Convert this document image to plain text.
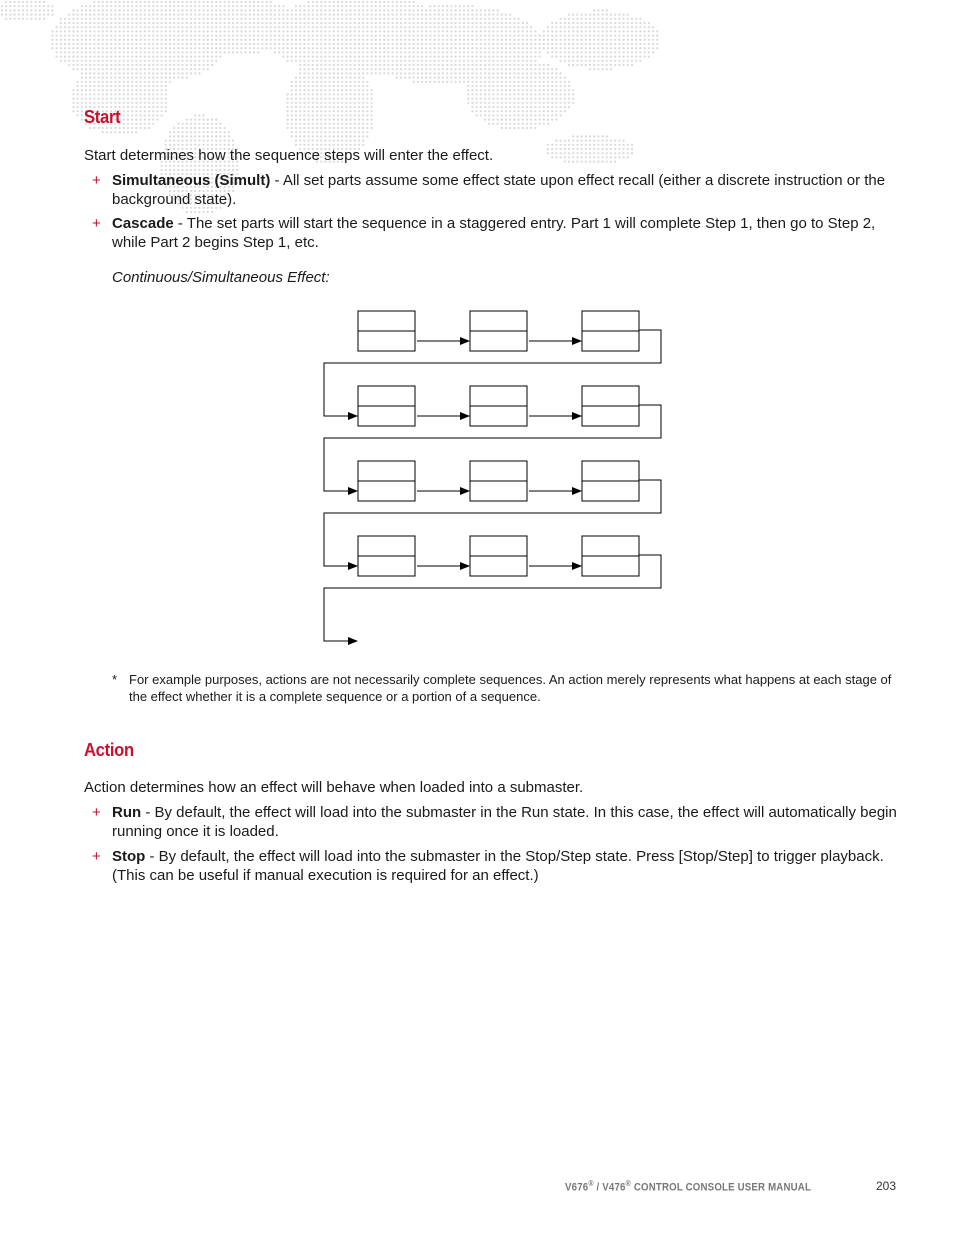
Start
Start determines how the sequence steps will enter the effect.
+ Simultaneous (Simult) - All set parts assume some effect state upon effect recall (either a discrete instruction or the background state).
+ Cascade - The set parts will start the sequence in a staggered entry. Part 1 will complete Step 1, then go to Step 2, while Part 2 begins Step 1, etc.
Continuous/Simultaneous Effect:
* For example purposes, actions are not necessarily complete sequences. An action merely represents what happens at each stage of the effect whether it is a complete sequence or a portion of a sequence.
Action
Action determines how an effect will behave when loaded into a submaster.
+ Run - By default, the effect will load into the submaster in the Run state. In this case, the effect will automatically begin running once it is loaded.
+ Stop - By default, the effect will load into the submaster in the Stop/Step state. Press [Stop/Step] to trigger playback. (This can be useful if manual execution is required for an effect.)
V676® / V476® CONTROL CONSOLE USER MANUAL	203
